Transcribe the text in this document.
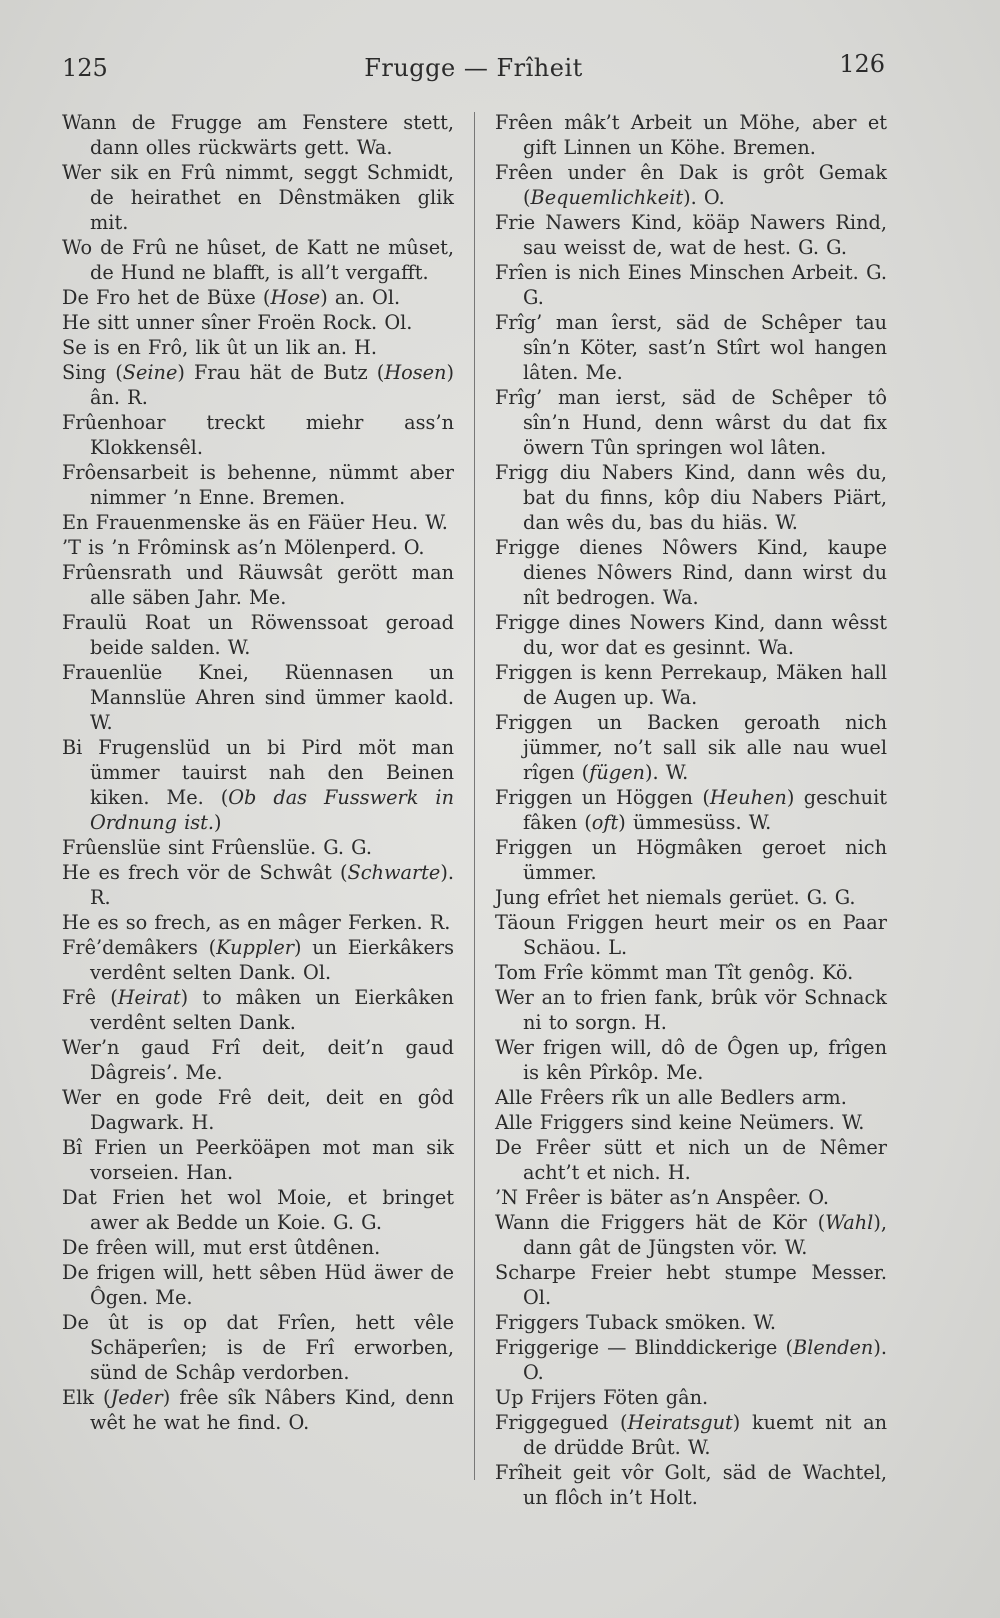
125	Frugge — Frîheit	126

Wann de Frugge am Fenstere stett, dann olles rückwärts gett. Wa.

Wer sik en Frû nimmt, seggt Schmidt, de heirathet en Dênstmäken glik mit.

Wo de Frû ne hûset, de Katt ne mûset, de Hund ne blafft, is all’t vergafft.

De Fro het de Büxe (Hose) an. Ol.

He sitt unner sîner Froën Rock. Ol.

Se is en Frô, lik ût un lik an. H.

Sing (Seine) Frau hät de Butz (Hosen) ân. R.

Frûenhoar treckt miehr ass’n Klokkensêl.

Frôensarbeit is behenne, nümmt aber nimmer ’n Enne. Bremen.

En Frauenmenske äs en Fäüer Heu. W.

’T is ’n Frôminsk as’n Mölenperd. O.

Frûensrath und Räuwsât gerött man alle säben Jahr. Me.

Fraulü Roat un Röwenssoat geroad beide salden. W.

Frauenlüe Knei, Rüennasen un Mannslüe Ahren sind ümmer kaold. W.

Bi Frugenslüd un bi Pird möt man ümmer tauirst nah den Beinen kiken. Me. (Ob das Fusswerk in Ordnung ist.)

Frûenslüe sint Frûenslüe. G. G.

He es frech vör de Schwât (Schwarte). R.

He es so frech, as en mâger Ferken. R.

Frê’demâkers (Kuppler) un Eierkâkers verdênt selten Dank. Ol.

Frê (Heirat) to mâken un Eierkâken verdênt selten Dank.

Wer’n gaud Frî deit, deit’n gaud Dâgreis’. Me.

Wer en gode Frê deit, deit en gôd Dagwark. H.

Bî Frien un Peerköäpen mot man sik vorseien. Han.

Dat Frien het wol Moie, et bringet awer ak Bedde un Koie. G. G.

De frêen will, mut erst ûtdênen.

De frigen will, hett sêben Hüd äwer de Ôgen. Me.

De ût is op dat Frîen, hett vêle Schäperîen; is de Frî erworben, sünd de Schâp verdorben.

Elk (Jeder) frêe sîk Nâbers Kind, denn wêt he wat he find. O.

Frêen mâk’t Arbeit un Möhe, aber et gift Linnen un Köhe. Bremen.

Frêen under ên Dak is grôt Gemak (Bequemlichkeit). O.

Frie Nawers Kind, köäp Nawers Rind, sau weisst de, wat de hest. G. G.

Frîen is nich Eines Minschen Arbeit. G. G.

Frîg’ man îerst, säd de Schêper tau sîn’n Köter, sast’n Stîrt wol hangen lâten. Me.

Frîg’ man ierst, säd de Schêper tô sîn’n Hund, denn wârst du dat fix öwern Tûn springen wol lâten.

Frigg diu Nabers Kind, dann wês du, bat du finns, kôp diu Nabers Piärt, dan wês du, bas du hiäs. W.

Frigge dienes Nôwers Kind, kaupe dienes Nôwers Rind, dann wirst du nît bedrogen. Wa.

Frigge dines Nowers Kind, dann wêsst du, wor dat es gesinnt. Wa.

Friggen is kenn Perrekaup, Mäken hall de Augen up. Wa.

Friggen un Backen geroath nich jümmer, no’t sall sik alle nau wuel rîgen (fügen). W.

Friggen un Höggen (Heuhen) geschuit fâken (oft) ümmesüss. W.

Friggen un Högmâken geroet nich ümmer.

Jung efrîet het niemals gerüet. G. G.

Täoun Friggen heurt meir os en Paar Schäou. L.

Tom Frîe kömmt man Tît genôg. Kö.

Wer an to frien fank, brûk vör Schnack ni to sorgn. H.

Wer frigen will, dô de Ôgen up, frîgen is kên Pîrkôp. Me.

Alle Frêers rîk un alle Bedlers arm.

Alle Friggers sind keine Neümers. W.

De Frêer sütt et nich un de Nêmer acht’t et nich. H.

’N Frêer is bäter as’n Anspêer. O.

Wann die Friggers hät de Kör (Wahl), dann gât de Jüngsten vör. W.

Scharpe Freier hebt stumpe Messer. Ol.

Friggers Tuback smöken. W.

Friggerige — Blinddickerige (Blenden). O.

Up Frijers Föten gân.

Friggegued (Heiratsgut) kuemt nit an de drüdde Brût. W.

Frîheit geit vôr Golt, säd de Wachtel, un flôch in’t Holt.
